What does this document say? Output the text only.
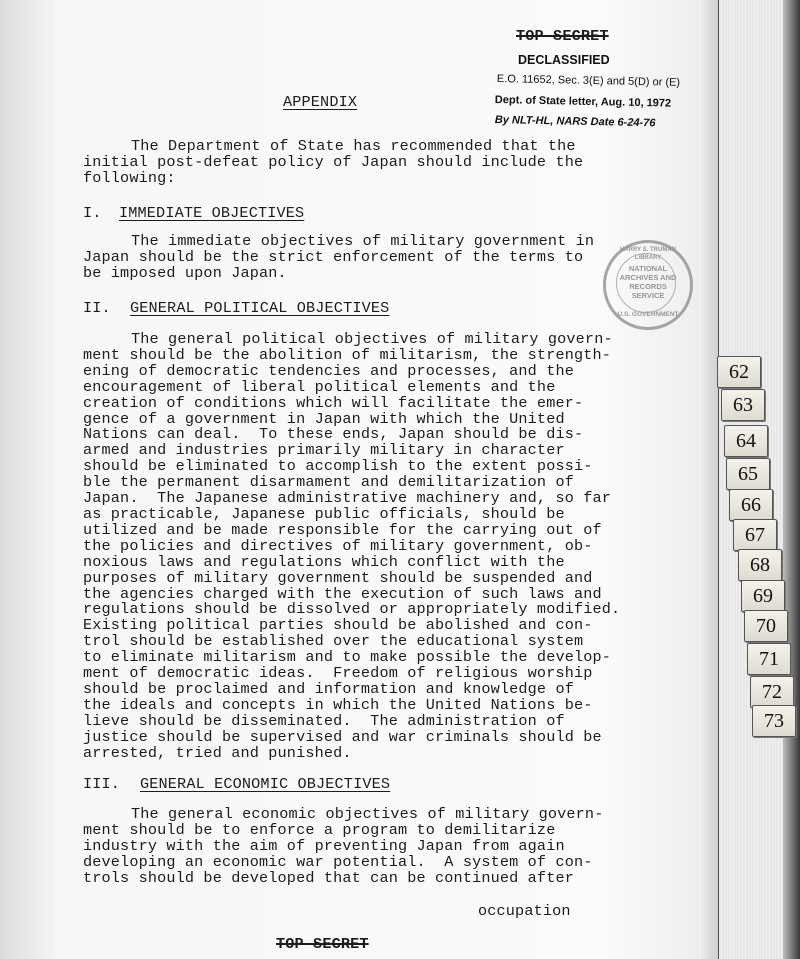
TOP SECRET
DECLASSIFIED
E.O. 11652, Sec. 3(E) and 5(D) or (E)
Dept. of State letter, Aug. 10, 1972
By NLT-HL, NARS Date 6-24-76
APPENDIX
The Department of State has recommended that the
initial post-defeat policy of Japan should include the
following:
I. IMMEDIATE OBJECTIVES
The immediate objectives of military government in
Japan should be the strict enforcement of the terms to
be imposed upon Japan.
II. GENERAL POLITICAL OBJECTIVES
The general political objectives of military govern-
ment should be the abolition of militarism, the strength-
ening of democratic tendencies and processes, and the
encouragement of liberal political elements and the
creation of conditions which will facilitate the emer-
gence of a government in Japan with which the United
Nations can deal.  To these ends, Japan should be dis-
armed and industries primarily military in character
should be eliminated to accomplish to the extent possi-
ble the permanent disarmament and demilitarization of
Japan.  The Japanese administrative machinery and, so far
as practicable, Japanese public officials, should be
utilized and be made responsible for the carrying out of
the policies and directives of military government, ob-
noxious laws and regulations which conflict with the
purposes of military government should be suspended and
the agencies charged with the execution of such laws and
regulations should be dissolved or appropriately modified.
Existing political parties should be abolished and con-
trol should be established over the educational system
to eliminate militarism and to make possible the develop-
ment of democratic ideas.  Freedom of religious worship
should be proclaimed and information and knowledge of
the ideals and concepts in which the United Nations be-
lieve should be disseminated.  The administration of
justice should be supervised and war criminals should be
arrested, tried and punished.
III. GENERAL ECONOMIC OBJECTIVES
The general economic objectives of military govern-
ment should be to enforce a program to demilitarize
industry with the aim of preventing Japan from again
developing an economic war potential.  A system of con-
trols should be developed that can be continued after
occupation
TOP SECRET
HARRY S. TRUMAN LIBRARY
NATIONAL
ARCHIVES AND
RECORDS
SERVICE
U.S. GOVERNMENT
62
63
64
65
66
67
68
69
70
71
72
73
